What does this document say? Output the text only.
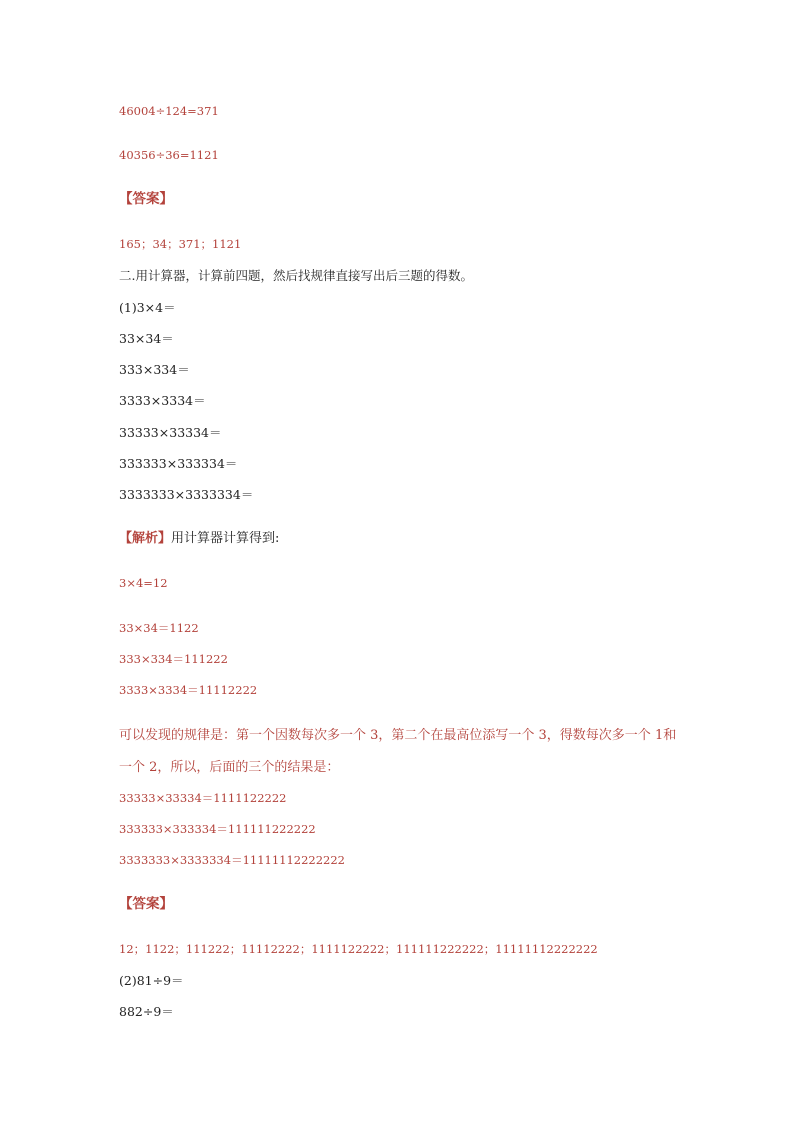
46004÷124=371
40356÷36=1121
【答案】
165；34；371；1121
二.用计算器，计算前四题，然后找规律直接写出后三题的得数。
(1)3×4＝
33×34＝
333×334＝
3333×3334＝
33333×33334＝
333333×333334＝
3333333×3333334＝
【解析】用计算器计算得到:
3×4=12
33×34＝1122
333×334＝111222
3333×3334＝11112222
可以发现的规律是：第一个因数每次多一个 3，第二个在最高位添写一个 3，得数每次多一个 1和一个 2，所以，后面的三个的结果是：
33333×33334＝1111122222
333333×333334＝111111222222
3333333×3333334＝11111112222222
【答案】
12；1122；111222；11112222；1111122222；111111222222；11111112222222
(2)81÷9＝
882÷9＝
